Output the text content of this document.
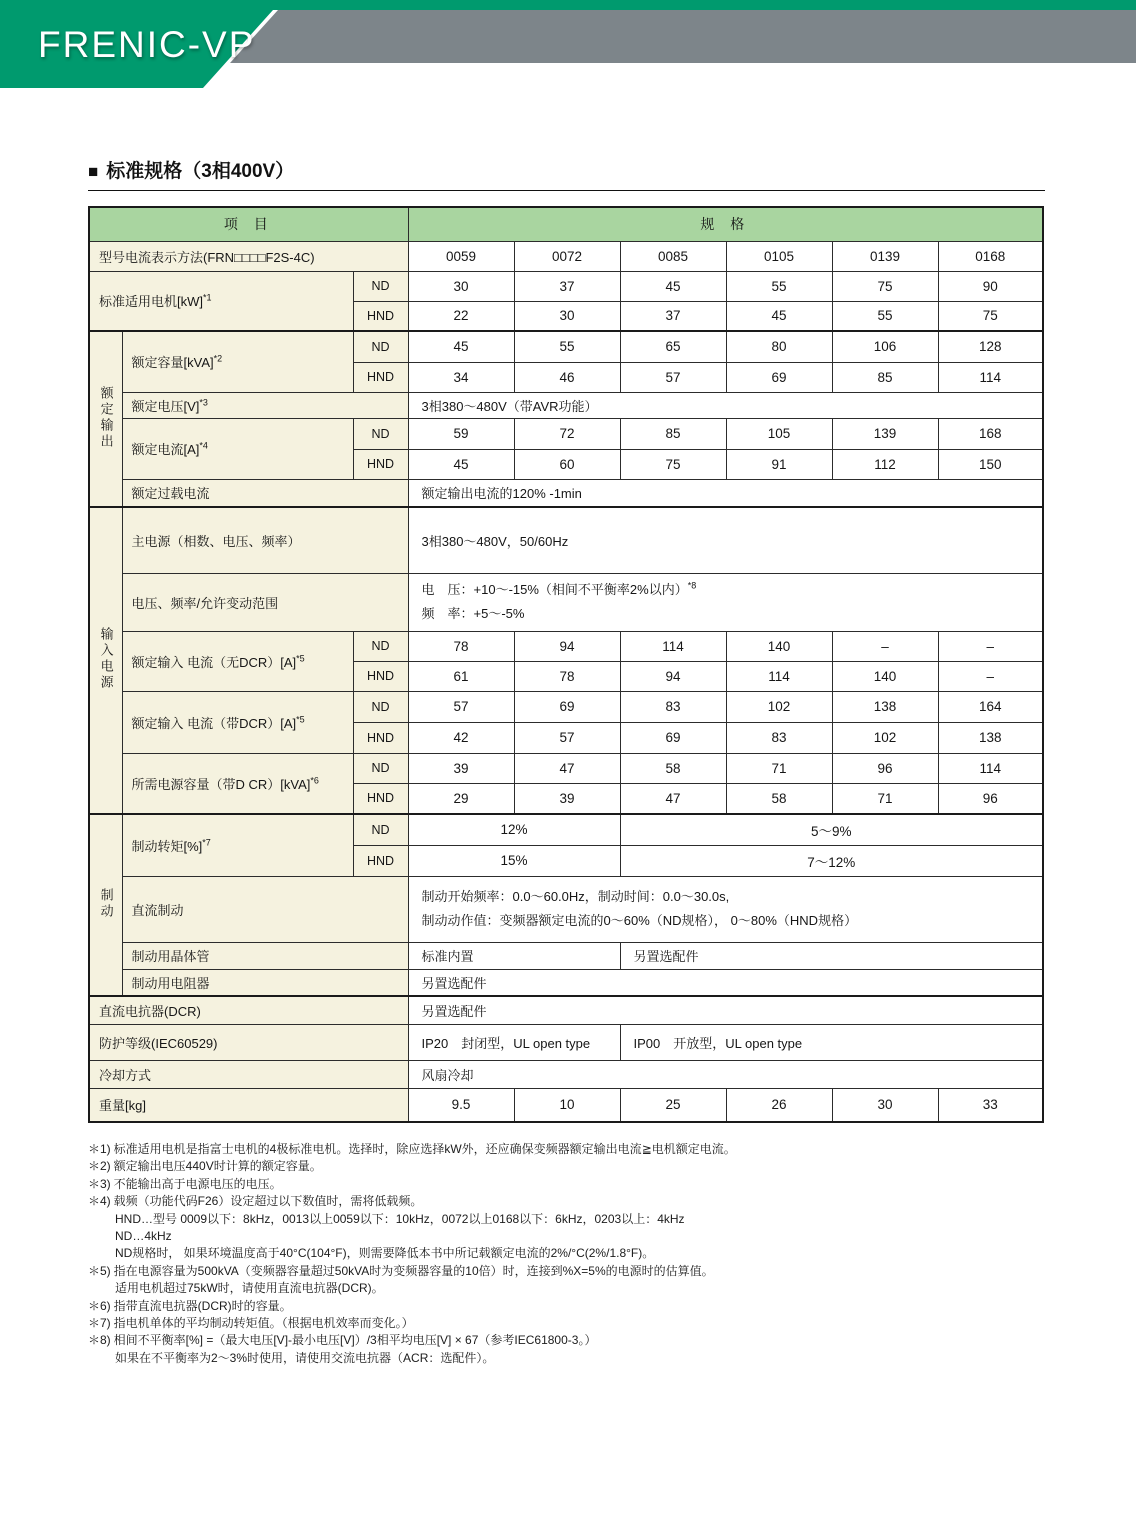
FRENIC-VP
■ 标准规格（3相400V）
项 目			规 格					
型号电流表示方法(FRN□□□□F2S-4C)			0059	0072	0085	0105	0139	0168
标准适用电机[kW]$^{*1}$		ND	30	37	45	55	75	90
		HND	22	30	37	45	55	75
额定输出	额定容量[kVA]$^{*2}$	ND	45	55	65	80	106	128
		HND	34	46	57	69	85	114
	额定电压$[V]^{*3}$		3相380～480V（带AVR功能）					
	额定电流$[A]^{*4}$	ND	59	72	85	105	139	168
		HND	45	60	75	91	112	150
	额定过载电流		额定输出电流的120% -1min					
输入电源	主电源（相数、电压、频率）		3相380～480V，50/60Hz					
	电压、频率/允许变动范围		电　压：+10～-15%（相间不平衡率2%以内）$^{*8}$
频　率：+5～-5%					

	额定输入 电流（无$DCR)[A]^{*5}$	ND	78	94	114	140	–	–
		HND	61	78	94	114	140	–
	额定输入 电流（带$DCR)[A]^{*5}$	ND	57	69	83	102	138	164
		HND	42	57	69	83	102	138
	所需电源容量（带D CR）[kVA]$^{*6}$	ND	39	47	58	71	96	114
		HND	29	39	47	58	71	96
制动	制动转矩[%]$^{*7}$	ND	12%		5～9%			
		HND	15%		7～12%			
	直流制动		制动开始频率：0.0～60.0Hz，制动时间：0.0～30.0s,
制动动作值：变频器额定电流的0～60%（ND规格）， 0～80%（HND规格）					

	制动用晶体管		标准内置		另置选配件			
	制动用电阻器		另置选配件					
直流电抗器(DCR)			另置选配件					
防护等级(IEC60529)			IP20　封闭型，UL open type		IP00　开放型，UL open type			
冷却方式			风扇冷却					
重量[kg]			9.5	10	25	26	30	33
＊1) 标准适用电机是指富士电机的4极标准电机。选择时，除应选择kW外，还应确保变频器额定输出电流≧电机额定电流。
＊2) 额定输出电压440V时计算的额定容量。
＊3) 不能输出高于电源电压的电压。
＊4) 载频（功能代码F26）设定超过以下数值时，需将低载频。
HND…型号 0009以下：8kHz，0013以上0059以下：10kHz，0072以上0168以下：6kHz，0203以上：4kHz
ND…4kHz
ND规格时， 如果环境温度高于40°C(104°F)，则需要降低本书中所记载额定电流的2%/°C(2%/1.8°F)。
＊5) 指在电源容量为500kVA（变频器容量超过50kVA时为变频器容量的10倍）时，连接到%X=5%的电源时的估算值。
适用电机超过75kW时，请使用直流电抗器(DCR)。
＊6) 指带直流电抗器(DCR)时的容量。
＊7) 指电机单体的平均制动转矩值。（根据电机效率而变化。）
＊8) 相间不平衡率[%] =（最大电压[V]-最小电压[V]）/3相平均电压[V] × 67（参考IEC61800-3。）
如果在不平衡率为2～3%时使用，请使用交流电抗器（ACR：选配件）。
